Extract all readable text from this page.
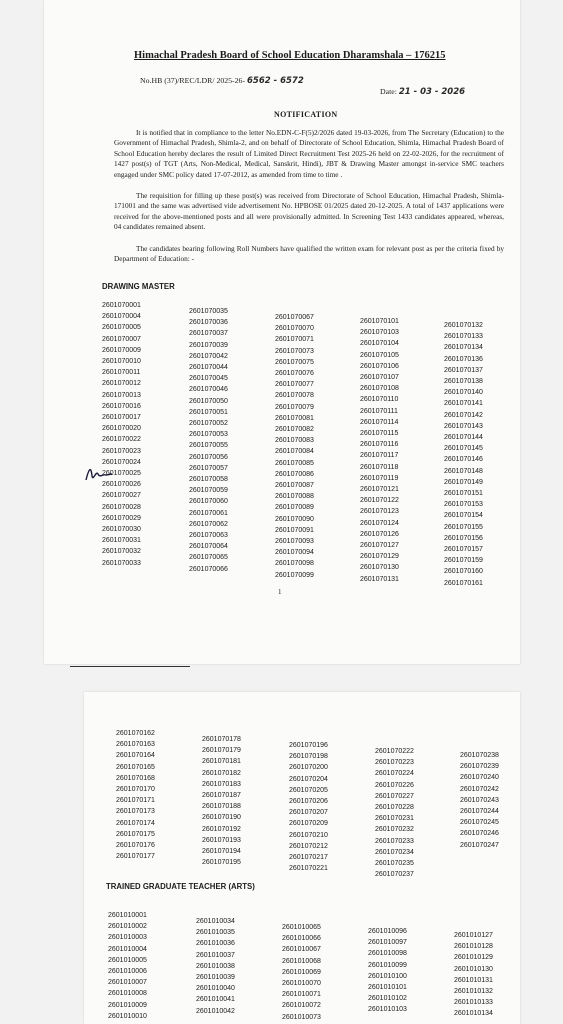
Himachal Pradesh Board of School Education Dharamshala – 176215
No.HB (37)/REC/LDR/ 2025-26- 6562 - 6572
Date: 21 - 03 - 2026
NOTIFICATION
It is notified that in compliance to the letter No.EDN-C-F(5)2/2026 dated 19-03-2026, from The Secretary (Education) to the Government of Himachal Pradesh, Shimla-2, and on behalf of Directorate of School Education, Shimla, Himachal Pradesh Board of School Education hereby declares the result of Limited Direct Recruitment Test 2025-26 held on 22-02-2026, for the recruitment of 1427 post(s) of TGT (Arts, Non-Medical, Medical, Sanskrit, Hindi), JBT & Drawing Master amongst in-service SMC teachers engaged under SMC policy dated 17-07-2012, as amended from time to time .
The requisition for filling up these post(s) was received from Directorate of School Education, Himachal Pradesh, Shimla-171001 and the same was advertised vide advertisement No. HPBOSE 01/2025 dated 20-12-2025. A total of 1437 applications were received for the above-mentioned posts and all were provisionally admitted. In Screening Test 1433 candidates appeared, whereas, 04 candidates remained absent.
The candidates bearing following Roll Numbers have qualified the written exam for relevant post as per the criteria fixed by Department of Education: -
DRAWING MASTER
2601070001
2601070004
2601070005
2601070007
2601070009
2601070010
2601070011
2601070012
2601070013
2601070016
2601070017
2601070020
2601070022
2601070023
2601070024
2601070025
2601070026
2601070027
2601070028
2601070029
2601070030
2601070031
2601070032
2601070033
2601070035
2601070036
2601070037
2601070039
2601070042
2601070044
2601070045
2601070046
2601070050
2601070051
2601070052
2601070053
2601070055
2601070056
2601070057
2601070058
2601070059
2601070060
2601070061
2601070062
2601070063
2601070064
2601070065
2601070066
2601070067
2601070070
2601070071
2601070073
2601070075
2601070076
2601070077
2601070078
2601070079
2601070081
2601070082
2601070083
2601070084
2601070085
2601070086
2601070087
2601070088
2601070089
2601070090
2601070091
2601070093
2601070094
2601070098
2601070099
2601070101
2601070103
2601070104
2601070105
2601070106
2601070107
2601070108
2601070110
2601070111
2601070114
2601070115
2601070116
2601070117
2601070118
2601070119
2601070121
2601070122
2601070123
2601070124
2601070126
2601070127
2601070129
2601070130
2601070131
2601070132
2601070133
2601070134
2601070136
2601070137
2601070138
2601070140
2601070141
2601070142
2601070143
2601070144
2601070145
2601070146
2601070148
2601070149
2601070151
2601070153
2601070154
2601070155
2601070156
2601070157
2601070159
2601070160
2601070161
1
2601070162
2601070163
2601070164
2601070165
2601070168
2601070170
2601070171
2601070173
2601070174
2601070175
2601070176
2601070177
2601070178
2601070179
2601070181
2601070182
2601070183
2601070187
2601070188
2601070190
2601070192
2601070193
2601070194
2601070195
2601070196
2601070198
2601070200
2601070204
2601070205
2601070206
2601070207
2601070209
2601070210
2601070212
2601070217
2601070221
2601070222
2601070223
2601070224
2601070226
2601070227
2601070228
2601070231
2601070232
2601070233
2601070234
2601070235
2601070237
2601070238
2601070239
2601070240
2601070242
2601070243
2601070244
2601070245
2601070246
2601070247
TRAINED GRADUATE TEACHER (ARTS)
2601010001
2601010002
2601010003
2601010004
2601010005
2601010006
2601010007
2601010008
2601010009
2601010010
2601010034
2601010035
2601010036
2601010037
2601010038
2601010039
2601010040
2601010041
2601010042
2601010065
2601010066
2601010067
2601010068
2601010069
2601010070
2601010071
2601010072
2601010073
2601010096
2601010097
2601010098
2601010099
2601010100
2601010101
2601010102
2601010103
2601010127
2601010128
2601010129
2601010130
2601010131
2601010132
2601010133
2601010134
